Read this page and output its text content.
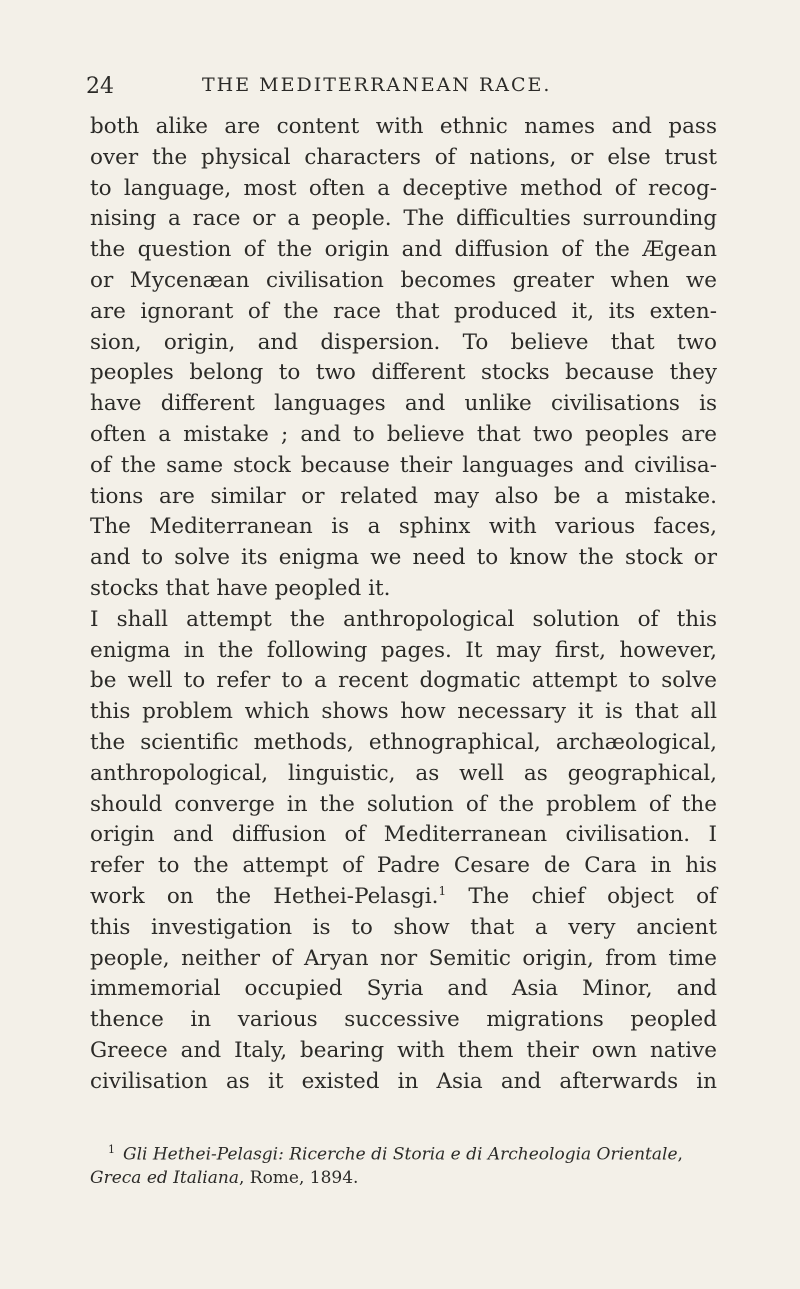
24	THE MEDITERRANEAN RACE.
both alike are content with ethnic names and pass
over the physical characters of nations, or else trust
to language, most often a deceptive method of recog-
nising a race or a people. The difficulties surrounding
the question of the origin and diffusion of the Ægean
or Mycenæan civilisation becomes greater when we
are ignorant of the race that produced it, its exten-
sion, origin, and dispersion. To believe that two
peoples belong to two different stocks because they
have different languages and unlike civilisations is
often a mistake ; and to believe that two peoples are
of the same stock because their languages and civilisa-
tions are similar or related may also be a mistake.
The Mediterranean is a sphinx with various faces,
and to solve its enigma we need to know the stock or
stocks that have peopled it.
I shall attempt the anthropological solution of this
enigma in the following pages. It may first, however,
be well to refer to a recent dogmatic attempt to solve
this problem which shows how necessary it is that all
the scientific methods, ethnographical, archæological,
anthropological, linguistic, as well as geographical,
should converge in the solution of the problem of the
origin and diffusion of Mediterranean civilisation. I
refer to the attempt of Padre Cesare de Cara in his
work on the Hethei-Pelasgi.$^1$ The chief object of
this investigation is to show that a very ancient
people, neither of Aryan nor Semitic origin, from time
immemorial occupied Syria and Asia Minor, and
thence in various successive migrations peopled
Greece and Italy, bearing with them their own native
civilisation as it existed in Asia and afterwards in
$^1$ Gli Hethei-Pelasgi: Ricerche di Storia e di Archeologia Orientale,
Greca ed Italiana, Rome, 1894.
